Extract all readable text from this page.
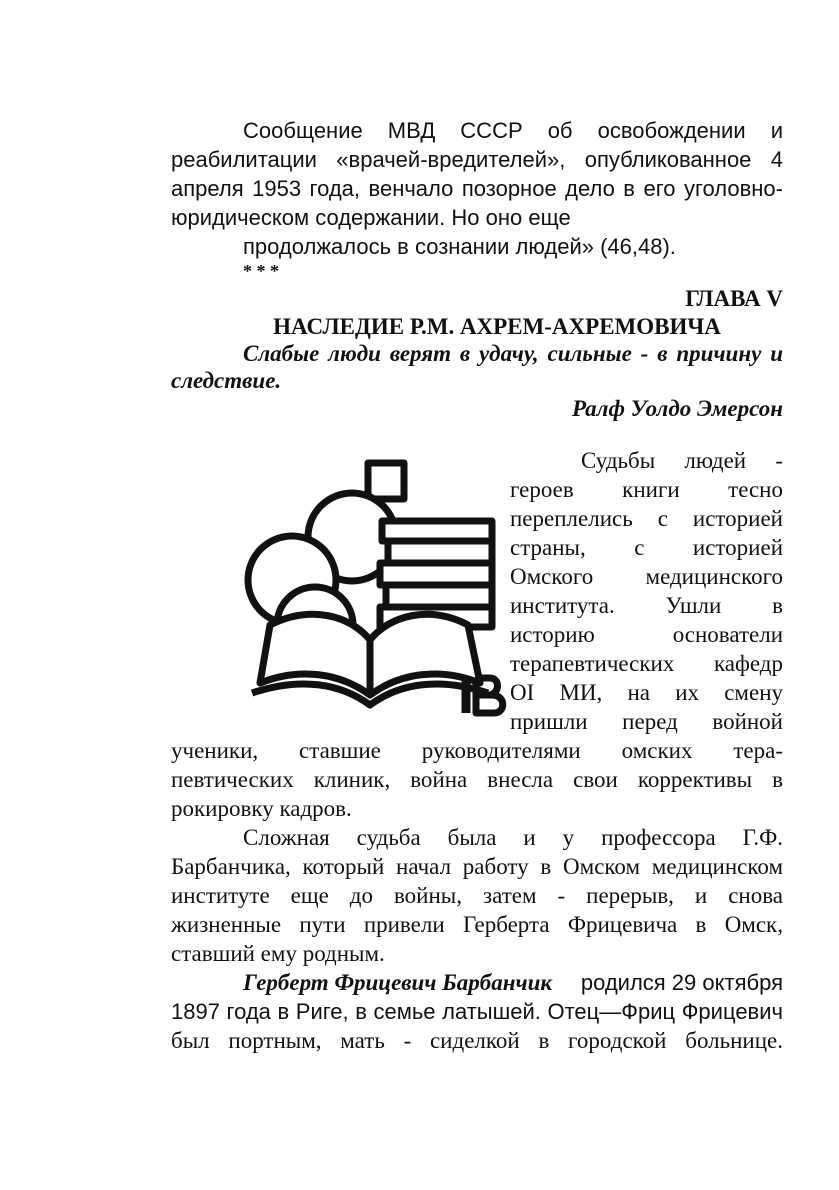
Сообщение МВД СССР об освобождении и
реабилитации «врачей-вредителей», опубликованное 4
апреля 1953 года, венчало позорное дело в его уголовно-
юридическом содержании. Но оно еще
продолжалось в сознании людей» (46,48).
* * *
ГЛАВА V
НАСЛЕДИЕ Р.М. АХРЕМ-АХРЕМОВИЧА
Слабые люди верят в удачу, сильные - в причину и
следствие.
Ралф Уолдо Эмерсон
Судьбы людей -
героев книги тесно
переплелись с историей
страны, с историей
Омского медицинского
института. Ушли в
историю основатели
терапевтических кафедр
ОI МИ, на их смену
пришли перед войной
ученики, ставшие руководителями омских тера-
певтических клиник, война внесла свои коррективы в
рокировку кадров.
Сложная судьба была и у профессора Г.Ф.
Барбанчика, который начал работу в Омском медицинском
институте еще до войны, затем - перерыв, и снова
жизненные пути привели Герберта Фрицевича в Омск,
ставший ему родным.
Герберт Фрицевич Барбанчик родился 29 октября
1897 года в Риге, в семье латышей. Отец—Фриц Фрицевич
был портным, мать - сиделкой в городской больнице.
